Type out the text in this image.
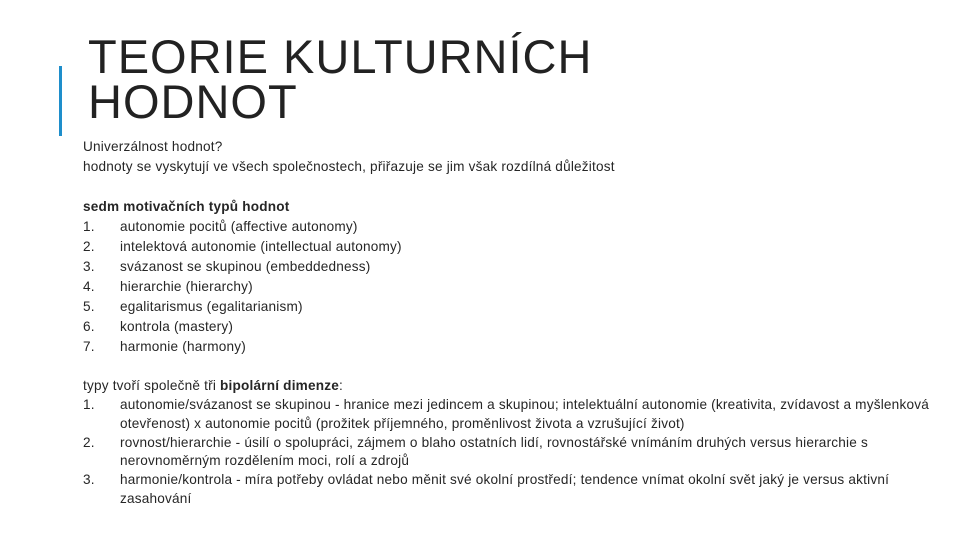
TEORIE KULTURNÍCH
HODNOT

Univerzálnost hodnot?

hodnoty se vyskytují ve všech společnostech, přiřazuje se jim však rozdílná důležitost

sedm motivačních typů hodnot

1.	autonomie pocitů (affective autonomy)
2.	intelektová autonomie (intellectual autonomy)
3.	svázanost se skupinou (embeddedness)
4.	hierarchie (hierarchy)
5.	egalitarismus (egalitarianism)
6.	kontrola (mastery)
7.	harmonie (harmony)

typy tvoří společně tři bipolární dimenze:

1.	autonomie/svázanost se skupinou - hranice mezi jedincem a skupinou; intelektuální autonomie (kreativita, zvídavost a myšlenková otevřenost) x autonomie pocitů (prožitek příjemného, proměnlivost života a vzrušující život)
2.	rovnost/hierarchie - úsilí o spolupráci, zájmem o blaho ostatních lidí, rovnostářské vnímáním druhých versus hierarchie s nerovnoměrným rozdělením moci, rolí a zdrojů
3.	harmonie/kontrola - míra potřeby ovládat nebo měnit své okolní prostředí; tendence vnímat okolní svět jaký je versus aktivní zasahování
